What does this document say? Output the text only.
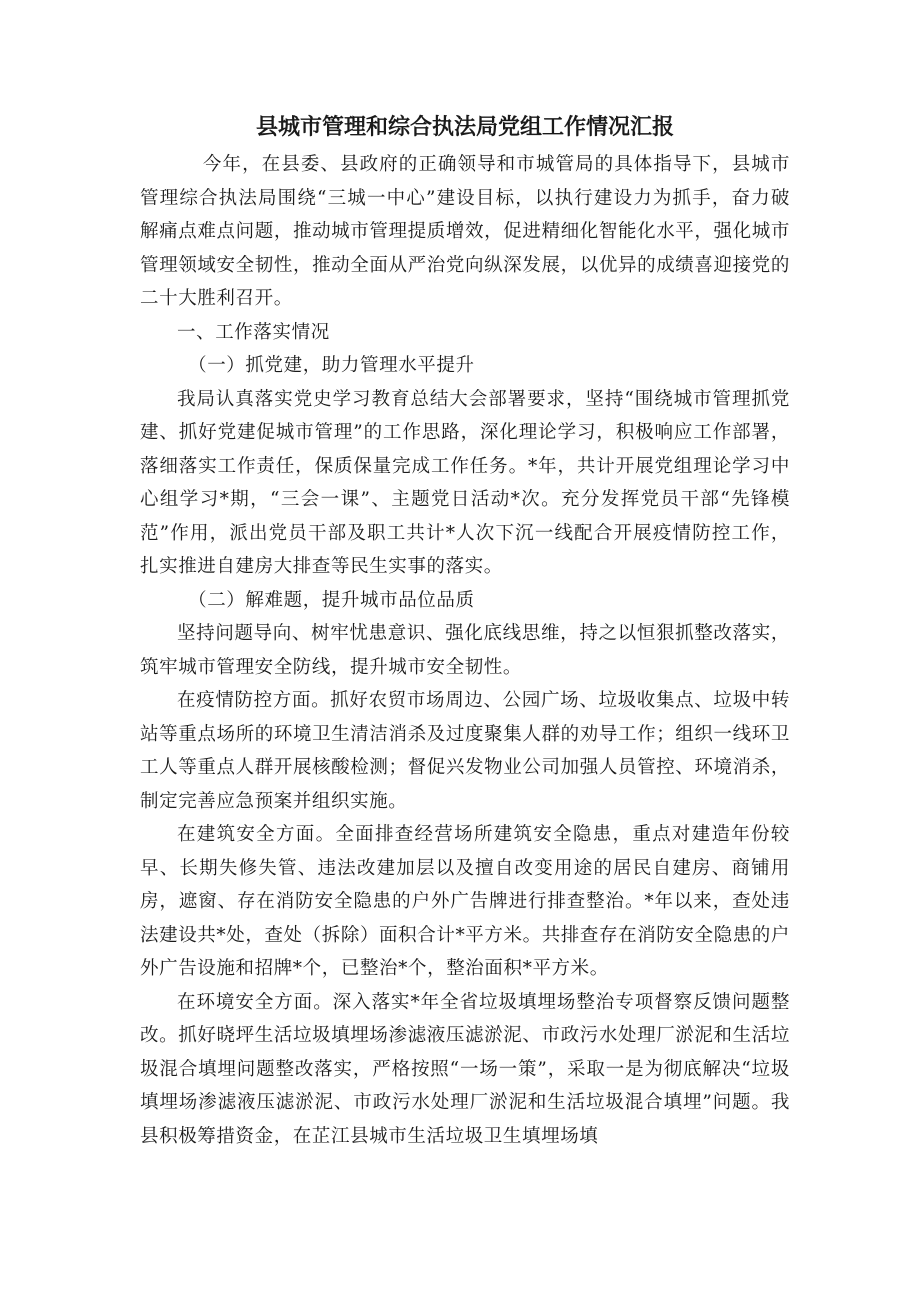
县城市管理和综合执法局党组工作情况汇报

今年，在县委、县政府的正确领导和市城管局的具体指导下，县城市管理综合执法局围绕“三城一中心”建设目标，以执行建设力为抓手，奋力破解痛点难点问题，推动城市管理提质增效，促进精细化智能化水平，强化城市管理领域安全韧性，推动全面从严治党向纵深发展，以优异的成绩喜迎接党的二十大胜利召开。

一、工作落实情况
（一）抓党建，助力管理水平提升

我局认真落实党史学习教育总结大会部署要求，坚持“围绕城市管理抓党建、抓好党建促城市管理”的工作思路，深化理论学习，积极响应工作部署，落细落实工作责任，保质保量完成工作任务。*年，共计开展党组理论学习中心组学习*期，“三会一课”、主题党日活动*次。充分发挥党员干部“先锋模范”作用，派出党员干部及职工共计*人次下沉一线配合开展疫情防控工作，扎实推进自建房大排查等民生实事的落实。

（二）解难题，提升城市品位品质

坚持问题导向、树牢忧患意识、强化底线思维，持之以恒狠抓整改落实，筑牢城市管理安全防线，提升城市安全韧性。

在疫情防控方面。抓好农贸市场周边、公园广场、垃圾收集点、垃圾中转站等重点场所的环境卫生清洁消杀及过度聚集人群的劝导工作；组织一线环卫工人等重点人群开展核酸检测；督促兴发物业公司加强人员管控、环境消杀，制定完善应急预案并组织实施。

在建筑安全方面。全面排查经营场所建筑安全隐患，重点对建造年份较早、长期失修失管、违法改建加层以及擅自改变用途的居民自建房、商铺用房，遮窗、存在消防安全隐患的户外广告牌进行排查整治。*年以来，查处违法建设共*处，查处（拆除）面积合计*平方米。共排查存在消防安全隐患的户外广告设施和招牌*个，已整治*个，整治面积*平方米。

在环境安全方面。深入落实*年全省垃圾填埋场整治专项督察反馈问题整改。抓好晓坪生活垃圾填埋场渗滤液压滤淤泥、市政污水处理厂淤泥和生活垃圾混合填埋问题整改落实，严格按照“一场一策”，采取一是为彻底解决“垃圾填埋场渗滤液压滤淤泥、市政污水处理厂淤泥和生活垃圾混合填埋”问题。我县积极筹措资金，在芷江县城市生活垃圾卫生填埋场填
